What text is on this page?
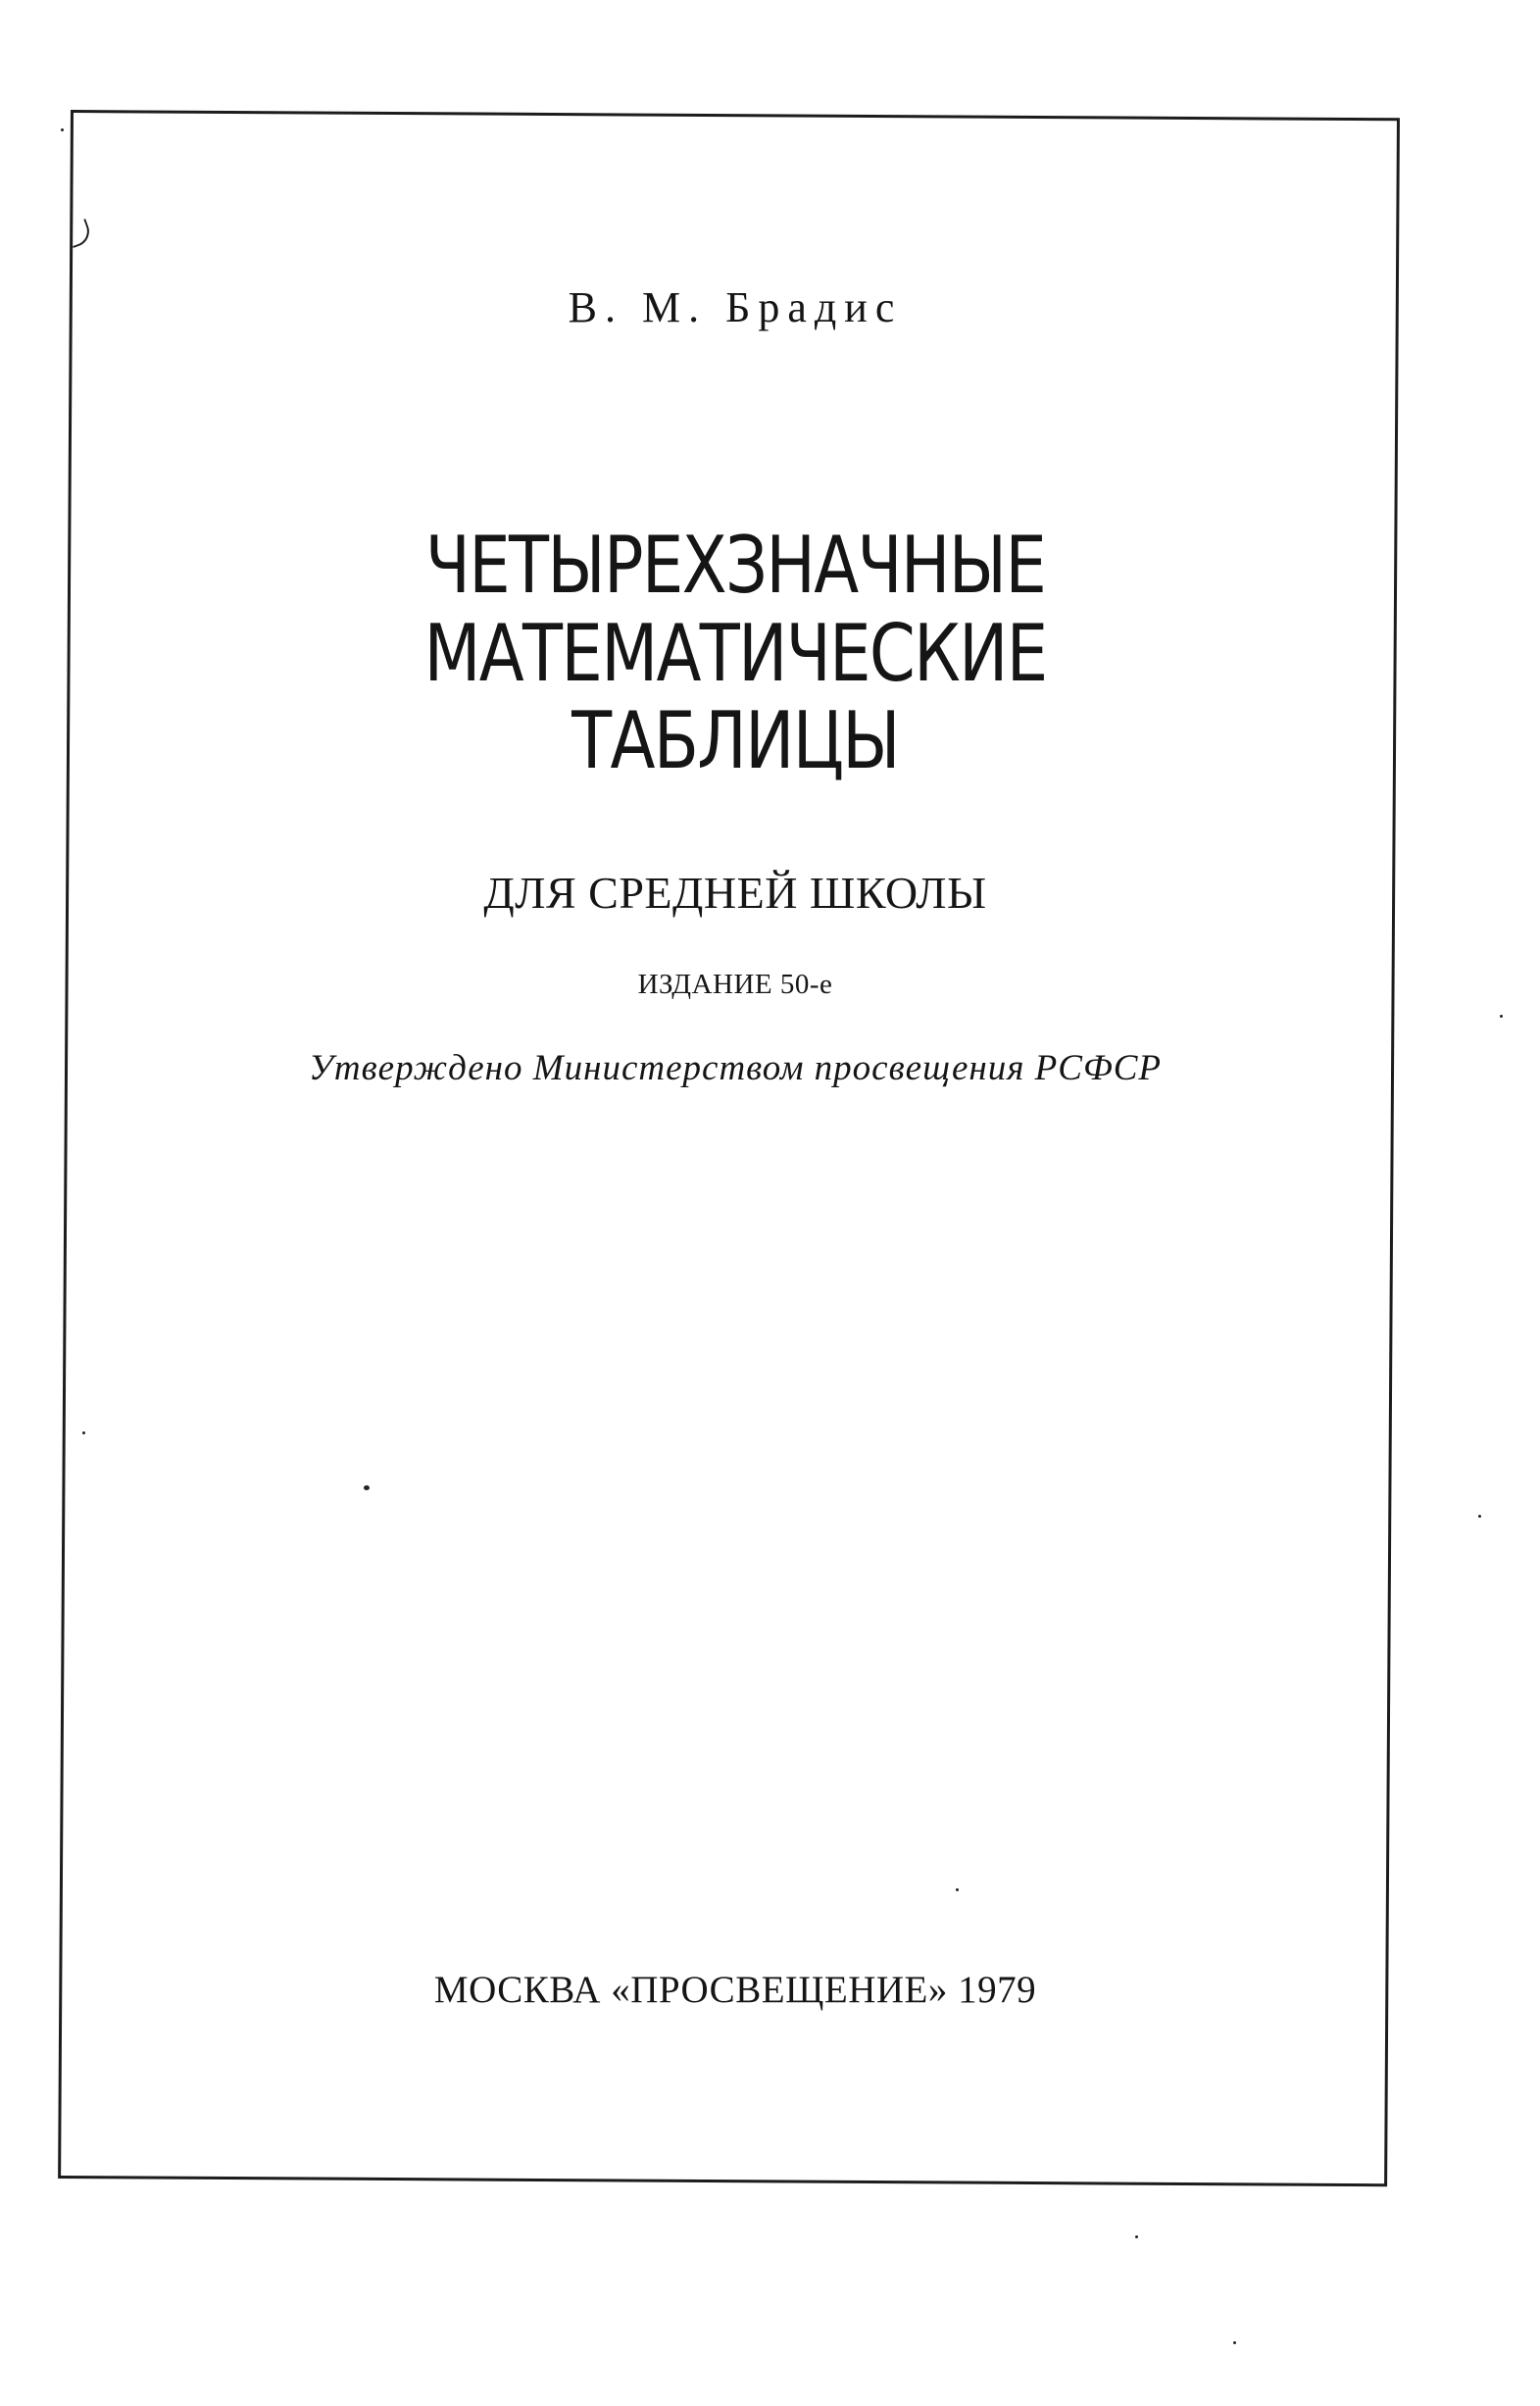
В. М. Брадис
ЧЕТЫРЕХЗНАЧНЫЕ
МАТЕМАТИЧЕСКИЕ
ТАБЛИЦЫ
ДЛЯ СРЕДНЕЙ ШКОЛЫ
ИЗДАНИЕ 50-е
Утверждено Министерством просвещения РСФСР
МОСКВА «ПРОСВЕЩЕНИЕ» 1979
